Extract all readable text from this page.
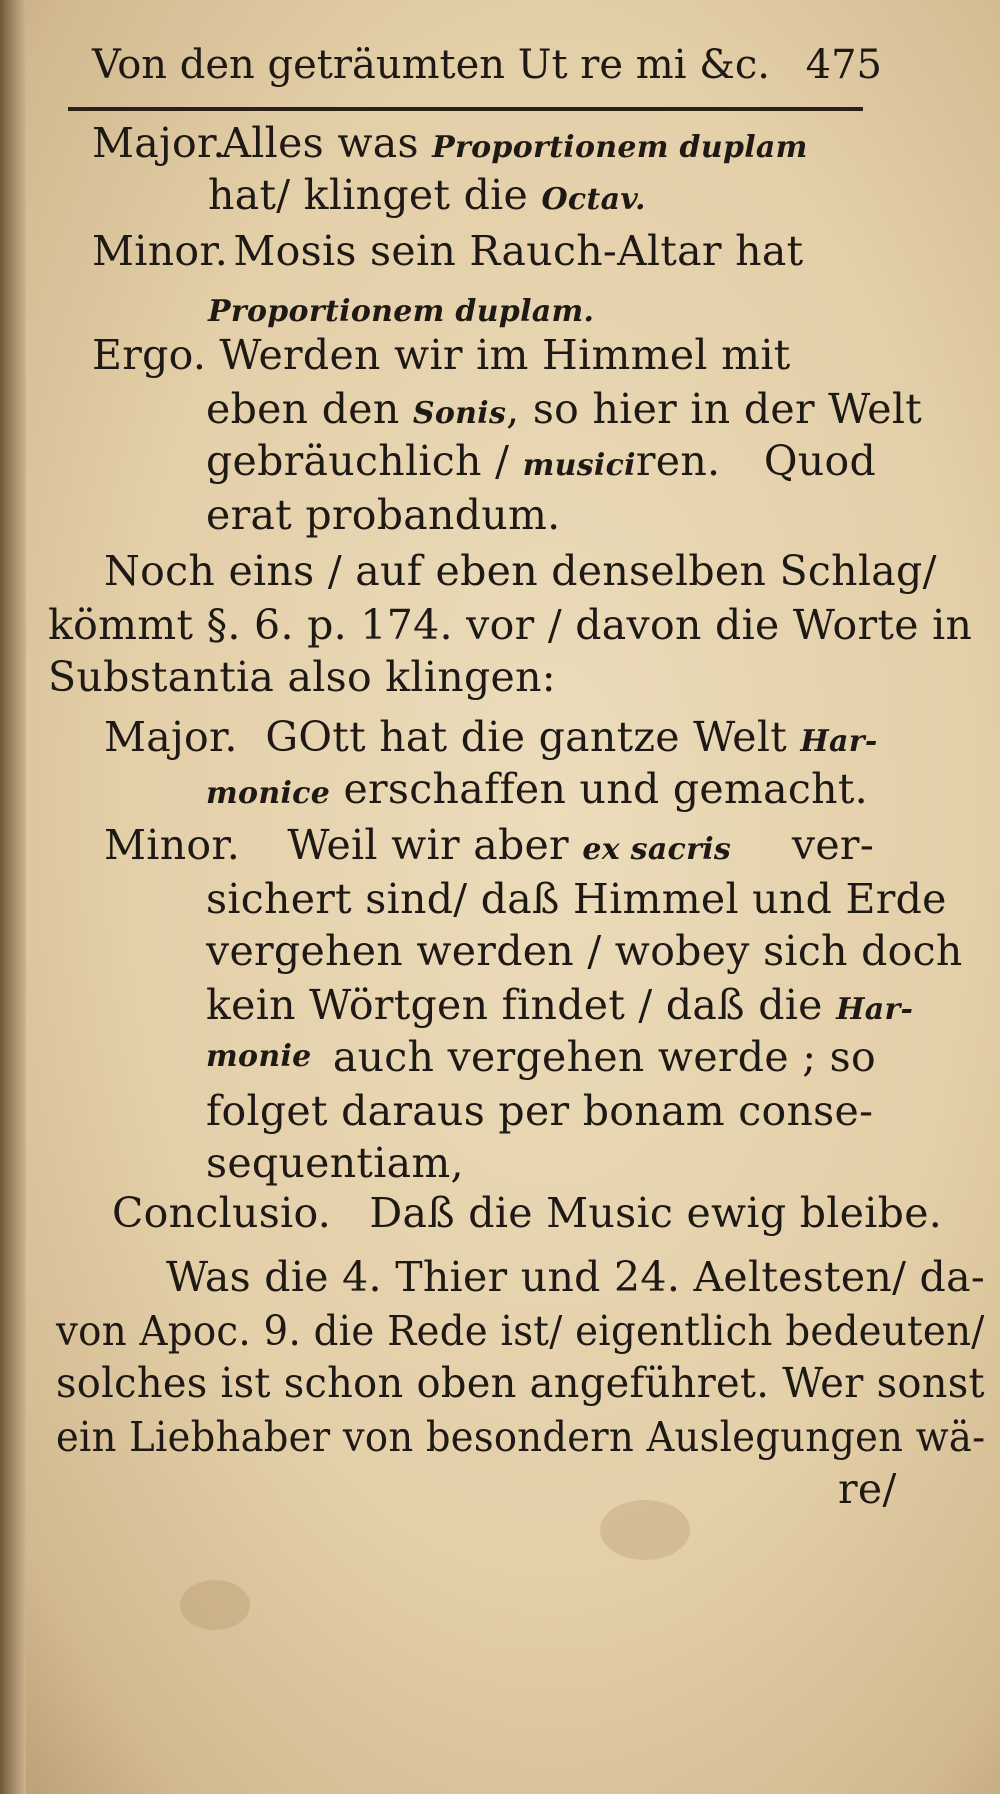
Von den geträumten Ut re mi &c. 475
Major. Alles was Proportionem duplam
hat/ klinget die Octav.
Minor. Mosis sein Rauch-Altar hat
Proportionem duplam.
Ergo. Werden wir im Himmel mit
eben den Sonis, so hier in der Welt
gebräuchlich / musiciren. Quod
erat probandum.
Noch eins / auf eben denselben Schlag/
kömmt §. 6. p. 174. vor / davon die Worte in
Substantia also klingen:
Major. GOtt hat die gantze Welt Har-
monice erschaffen und gemacht.
Minor. Weil wir aber ex sacris ver-
sichert sind/ daß Himmel und Erde
vergehen werden / wobey sich doch
kein Wörtgen findet / daß die Har-
monie auch vergehen werde ; so
folget daraus per bonam conse-
sequentiam,
Conclusio. Daß die Music ewig bleibe.
Was die 4. Thier und 24. Aeltesten/ da-
von Apoc. 9. die Rede ist/ eigentlich bedeuten/
solches ist schon oben angeführet. Wer sonst
ein Liebhaber von besondern Auslegungen wä-
re/
